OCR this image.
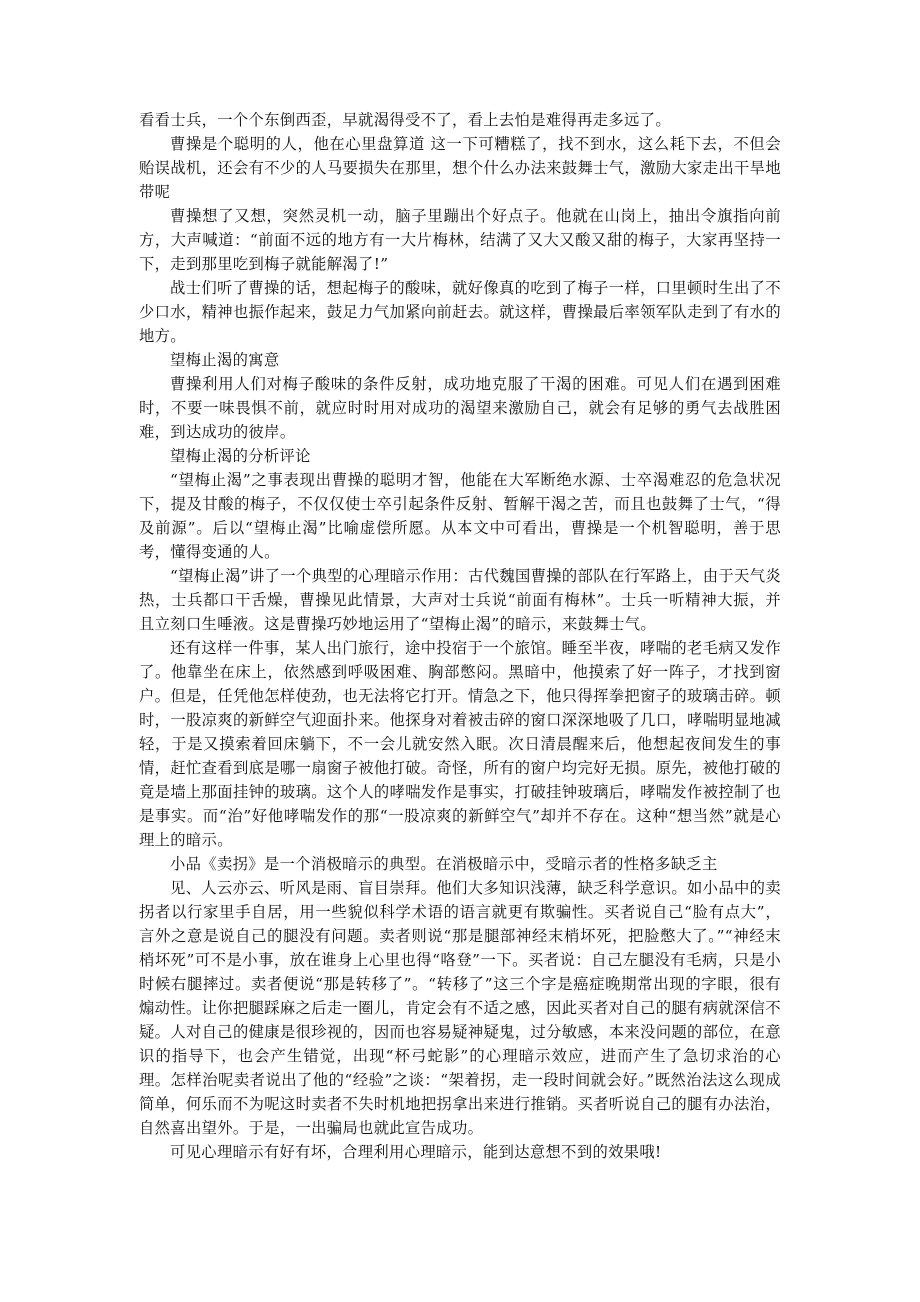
看看士兵，一个个东倒西歪，早就渴得受不了，看上去怕是难得再走多远了。

曹操是个聪明的人，他在心里盘算道 这一下可糟糕了，找不到水，这么耗下去，不但会贻误战机，还会有不少的人马要损失在那里，想个什么办法来鼓舞士气，激励大家走出干旱地带呢

曹操想了又想，突然灵机一动，脑子里蹦出个好点子。他就在山岗上，抽出令旗指向前方，大声喊道：“前面不远的地方有一大片梅林，结满了又大又酸又甜的梅子，大家再坚持一下，走到那里吃到梅子就能解渴了!”

战士们听了曹操的话，想起梅子的酸味，就好像真的吃到了梅子一样，口里顿时生出了不少口水，精神也振作起来，鼓足力气加紧向前赶去。就这样，曹操最后率领军队走到了有水的地方。

望梅止渴的寓意

曹操利用人们对梅子酸味的条件反射，成功地克服了干渴的困难。可见人们在遇到困难时，不要一味畏惧不前，就应时时用对成功的渴望来激励自己，就会有足够的勇气去战胜困难，到达成功的彼岸。

望梅止渴的分析评论

“望梅止渴”之事表现出曹操的聪明才智，他能在大军断绝水源、士卒渴难忍的危急状况下，提及甘酸的梅子，不仅仅使士卒引起条件反射、暂解干渴之苦，而且也鼓舞了士气，“得及前源”。后以“望梅止渴”比喻虚偿所愿。从本文中可看出，曹操是一个机智聪明，善于思考，懂得变通的人。

“望梅止渴”讲了一个典型的心理暗示作用：古代魏国曹操的部队在行军路上，由于天气炎热，士兵都口干舌燥，曹操见此情景，大声对士兵说“前面有梅林”。士兵一听精神大振，并且立刻口生唾液。这是曹操巧妙地运用了“望梅止渴”的暗示，来鼓舞士气。

还有这样一件事，某人出门旅行，途中投宿于一个旅馆。睡至半夜，哮喘的老毛病又发作了。他靠坐在床上，依然感到呼吸困难、胸部憋闷。黑暗中，他摸索了好一阵子，才找到窗户。但是，任凭他怎样使劲，也无法将它打开。情急之下，他只得挥拳把窗子的玻璃击碎。顿时，一股凉爽的新鲜空气迎面扑来。他探身对着被击碎的窗口深深地吸了几口，哮喘明显地减轻，于是又摸索着回床躺下，不一会儿就安然入眠。次日清晨醒来后，他想起夜间发生的事情，赶忙查看到底是哪一扇窗子被他打破。奇怪，所有的窗户均完好无损。原先，被他打破的竟是墙上那面挂钟的玻璃。这个人的哮喘发作是事实，打破挂钟玻璃后，哮喘发作被控制了也是事实。而“治”好他哮喘发作的那“一股凉爽的新鲜空气”却并不存在。这种“想当然”就是心理上的暗示。

小品《卖拐》是一个消极暗示的典型。在消极暗示中，受暗示者的性格多缺乏主

见、人云亦云、听风是雨、盲目崇拜。他们大多知识浅薄，缺乏科学意识。如小品中的卖拐者以行家里手自居，用一些貌似科学术语的语言就更有欺骗性。买者说自己“脸有点大”，言外之意是说自己的腿没有问题。卖者则说“那是腿部神经末梢坏死，把脸憋大了。”“神经末梢坏死”可不是小事，放在谁身上心里也得“咯登”一下。买者说：自己左腿没有毛病，只是小时候右腿摔过。卖者便说“那是转移了”。“转移了”这三个字是癌症晚期常出现的字眼，很有煽动性。让你把腿踩麻之后走一圈儿，肯定会有不适之感，因此买者对自己的腿有病就深信不疑。人对自己的健康是很珍视的，因而也容易疑神疑鬼，过分敏感，本来没问题的部位，在意识的指导下，也会产生错觉，出现“杯弓蛇影”的心理暗示效应，进而产生了急切求治的心理。怎样治呢卖者说出了他的“经验”之谈：“架着拐，走一段时间就会好。”既然治法这么现成简单，何乐而不为呢这时卖者不失时机地把拐拿出来进行推销。买者听说自己的腿有办法治，自然喜出望外。于是，一出骗局也就此宣告成功。

可见心理暗示有好有坏，合理利用心理暗示，能到达意想不到的效果哦!
